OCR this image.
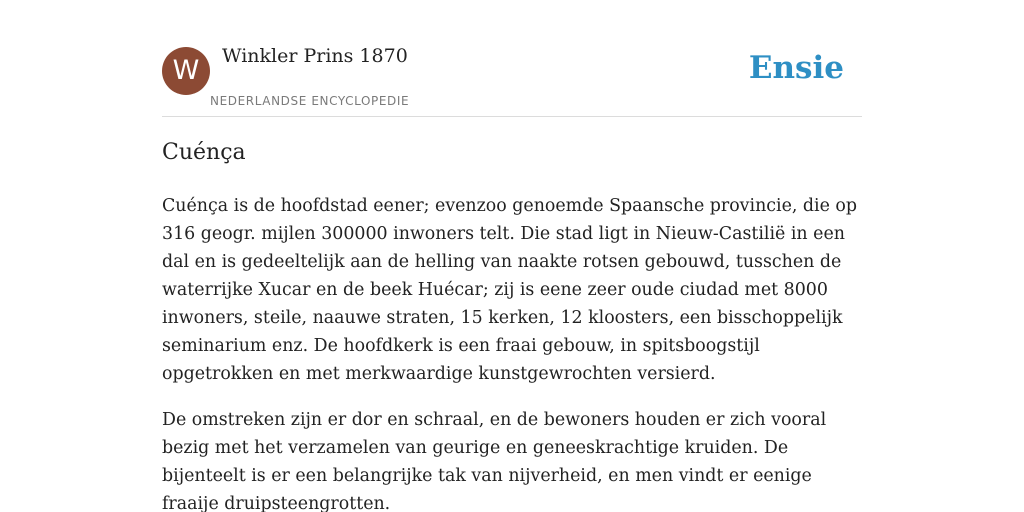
W	Winkler Prins 1870
NEDERLANDSE ENCYCLOPEDIE
Ensie
Cuénça

Cuénça is de hoofdstad eener; evenzoo genoemde Spaansche provincie, die op 316 geogr. mijlen 300000 inwoners telt. Die stad ligt in Nieuw-Castilië in een dal en is gedeeltelijk aan de helling van naakte rotsen gebouwd, tusschen de waterrijke Xucar en de beek Huécar; zij is eene zeer oude ciudad met 8000 inwoners, steile, naauwe straten, 15 kerken, 12 kloosters, een bisschoppelijk seminarium enz. De hoofdkerk is een fraai gebouw, in spitsboogstijl opgetrokken en met merkwaardige kunstgewrochten versierd.

De omstreken zijn er dor en schraal, en de bewoners houden er zich vooral bezig met het verzamelen van geurige en geneeskrachtige kruiden. De bijenteelt is er een belangrijke tak van nijverheid, en men vindt er eenige fraaije druipsteengrotten.
